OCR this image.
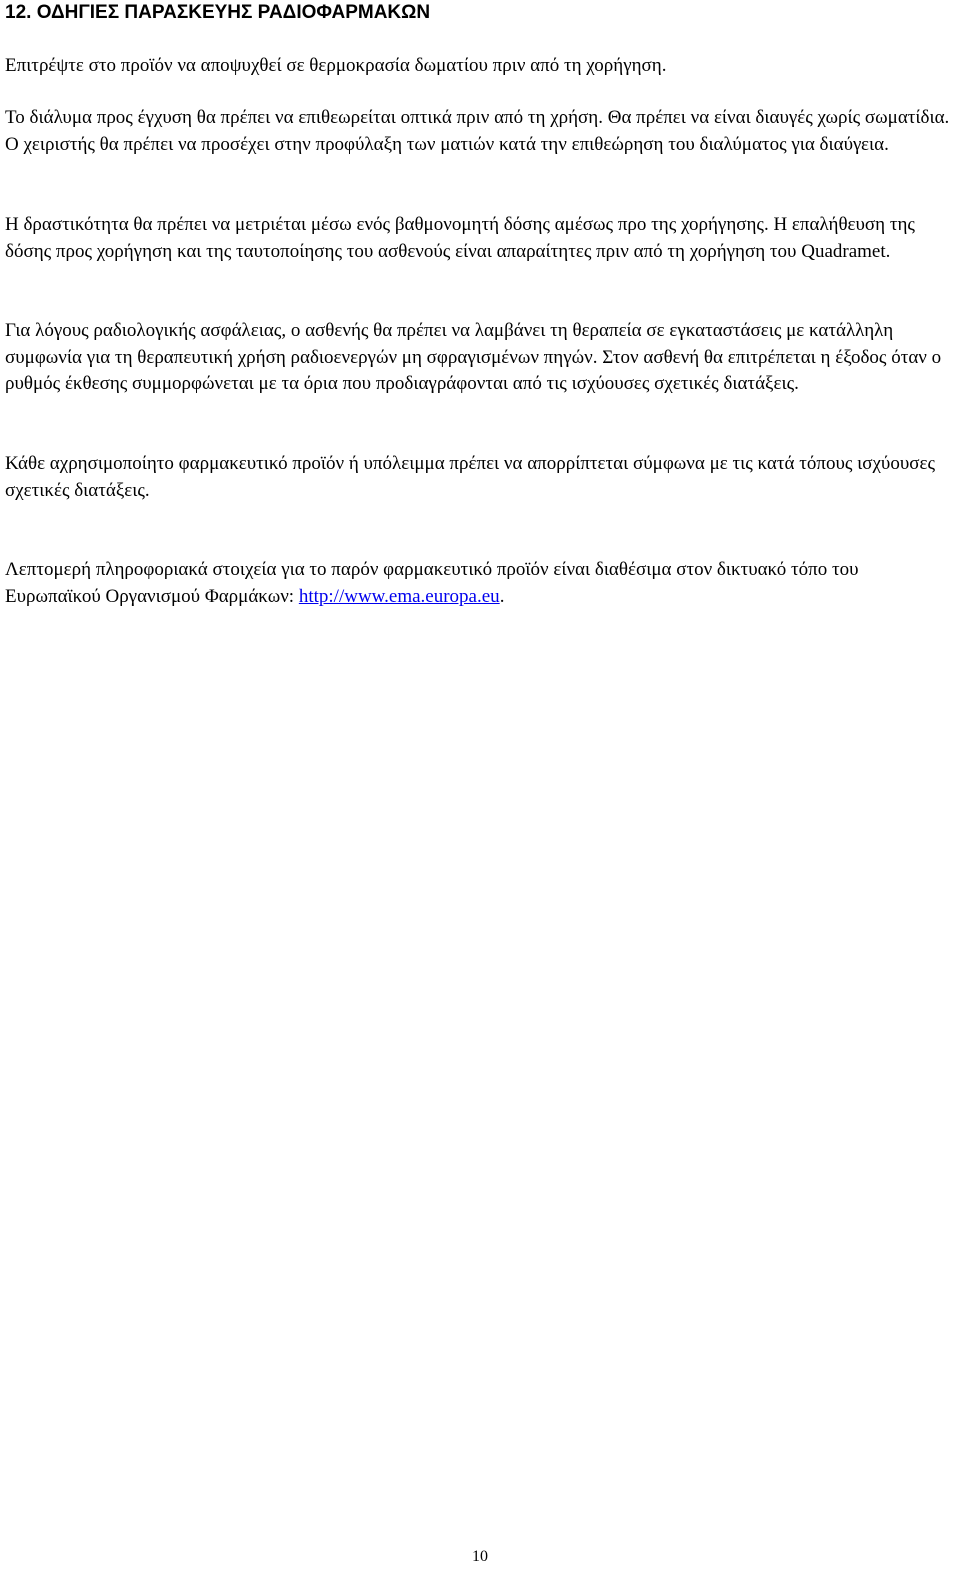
12. ΟΔΗΓΙΕΣ ΠΑΡΑΣΚΕΥΗΣ ΡΑΔΙΟΦΑΡΜΑΚΩΝ

Επιτρέψτε στο προϊόν να αποψυχθεί σε θερμοκρασία δωματίου πριν από τη χορήγηση.

Το διάλυμα προς έγχυση θα πρέπει να επιθεωρείται οπτικά πριν από τη χρήση. Θα πρέπει να είναι διαυγές χωρίς σωματίδια. Ο χειριστής θα πρέπει να προσέχει στην προφύλαξη των ματιών κατά την επιθεώρηση του διαλύματος για διαύγεια.

Η δραστικότητα θα πρέπει να μετριέται μέσω ενός βαθμονομητή δόσης αμέσως προ της χορήγησης. Η επαλήθευση της δόσης προς χορήγηση και της ταυτοποίησης του ασθενούς είναι απαραίτητες πριν από τη χορήγηση του Quadramet.

Για λόγους ραδιολογικής ασφάλειας, ο ασθενής θα πρέπει να λαμβάνει τη θεραπεία σε εγκαταστάσεις με κατάλληλη συμφωνία για τη θεραπευτική χρήση ραδιοενεργών μη σφραγισμένων πηγών. Στον ασθενή θα επιτρέπεται η έξοδος όταν ο ρυθμός έκθεσης συμμορφώνεται με τα όρια που προδιαγράφονται από τις ισχύουσες σχετικές διατάξεις.

Κάθε αχρησιμοποίητο φαρμακευτικό προϊόν ή υπόλειμμα πρέπει να απορρίπτεται σύμφωνα με τις κατά τόπους ισχύουσες σχετικές διατάξεις.

Λεπτομερή πληροφοριακά στοιχεία για το παρόν φαρμακευτικό προϊόν είναι διαθέσιμα στον δικτυακό τόπο του Ευρωπαϊκού Οργανισμού Φαρμάκων: http://www.ema.europa.eu.

10
